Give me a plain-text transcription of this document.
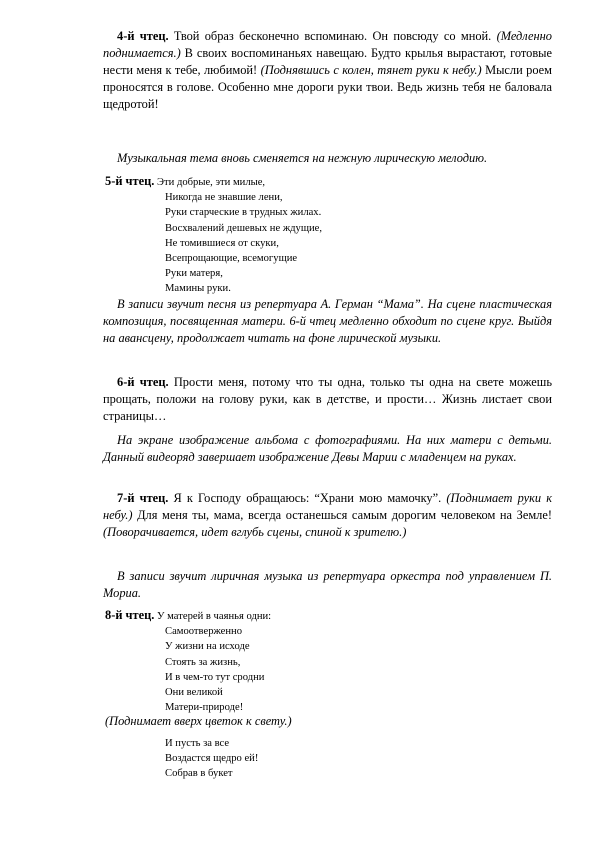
4-й чтец. Твой образ бесконечно вспоминаю. Он повсюду со мной. (Медленно поднимается.) В своих воспоминаньях навещаю. Будто крылья вырастают, готовые нести меня к тебе, любимой! (Поднявшись с колен, тянет руки к небу.) Мысли роем проносятся в голове. Особенно мне дороги руки твои. Ведь жизнь тебя не баловала щедротой!

Музыкальная тема вновь сменяется на нежную лирическую мелодию.

5-й чтец. Эти добрые, эти милые,
Никогда не знавшие лени,
Руки старческие в трудных жилах.
Восхвалений дешевых не ждущие,
Не томившиеся от скуки,
Всепрощающие, всемогущие
Руки матеря,
Мамины руки.

В записи звучит песня из репертуара А. Герман “Мама”. На сцене пластическая композиция, посвященная матери. 6-й чтец медленно обходит по сцене круг. Выйдя на авансцену, продолжает читать на фоне лирической музыки.

6-й чтец. Прости меня, потому что ты одна, только ты одна на свете можешь прощать, положи на голову руки, как в детстве, и прости… Жизнь листает свои страницы…

На экране изображение альбома с фотографиями. На них матери с детьми. Данный видеоряд завершает изображение Девы Марии с младенцем на руках.

7-й чтец. Я к Господу обращаюсь: “Храни мою мамочку”. (Поднимает руки к небу.) Для меня ты, мама, всегда останешься самым дорогим человеком на Земле! (Поворачивается, идет вглубь сцены, спиной к зрителю.)

В записи звучит лиричная музыка из репертуара оркестра под управлением П. Мориа.

8-й чтец. У матерей в чаянья одни:
Самоотверженно
У жизни на исходе
Стоять за жизнь,
И в чем-то тут сродни
Они великой
Матери-природе!
(Поднимает вверх цветок к свету.)
И пусть за все
Воздастся щедро ей!
Собрав в букет
